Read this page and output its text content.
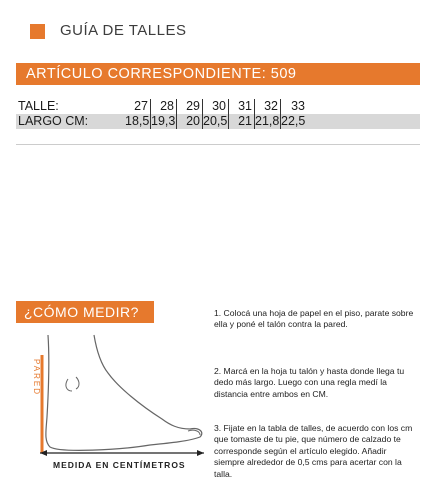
GUÍA DE TALLES
ARTÍCULO CORRESPONDIENTE: 509
TALLE:	27 28 29 30 31 32	33
LARGO CM:	18,5 19,3 20 20,5 21 21,8 22,5
¿CÓMO MEDIR?
PARED
MEDIDA EN CENTÍMETROS
1. Colocá una hoja de papel en el piso, parate sobre ella y poné el talón contra la pared.
2. Marcá en la hoja tu talón y hasta donde llega tu dedo más largo. Luego con una regla medí la distancia entre ambos en CM.
3. Fijate en la tabla de talles, de acuerdo con los cm que tomaste de tu pie, que número de calzado te corresponde según el artículo elegido. Añadir siempre alrededor de 0,5 cms para acertar con la talla.
